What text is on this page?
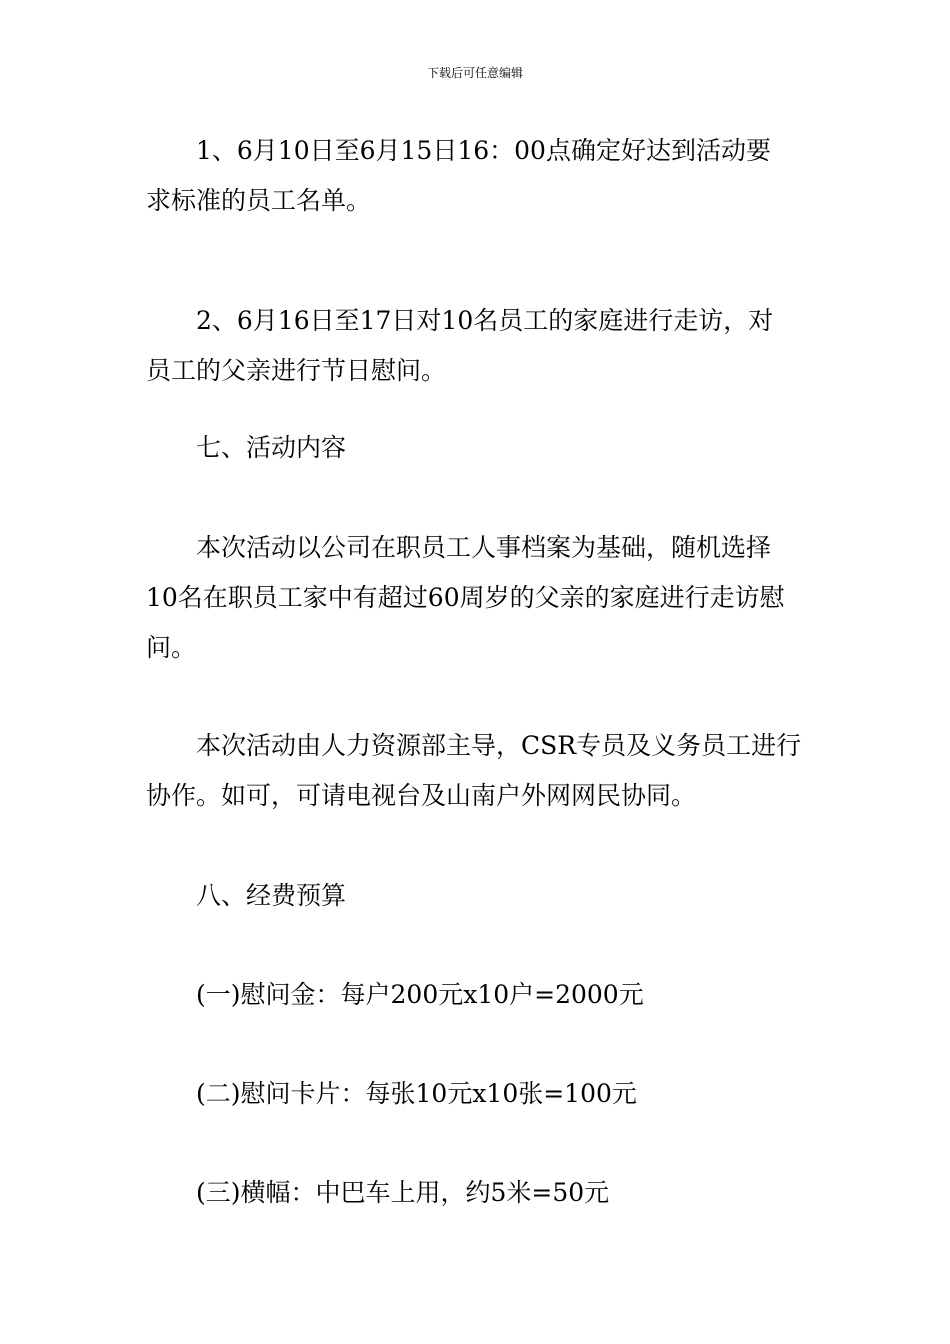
下载后可任意编辑
1、6月10日至6月15日16：00点确定好达到活动要
求标准的员工名单。
2、6月16日至17日对10名员工的家庭进行走访，对
员工的父亲进行节日慰问。
七、活动内容
本次活动以公司在职员工人事档案为基础，随机选择
10名在职员工家中有超过60周岁的父亲的家庭进行走访慰
问。
本次活动由人力资源部主导，CSR专员及义务员工进行
协作。如可，可请电视台及山南户外网网民协同。
八、经费预算
(一)慰问金：每户200元x10户=2000元
(二)慰问卡片：每张10元x10张=100元
(三)横幅：中巴车上用，约5米=50元
